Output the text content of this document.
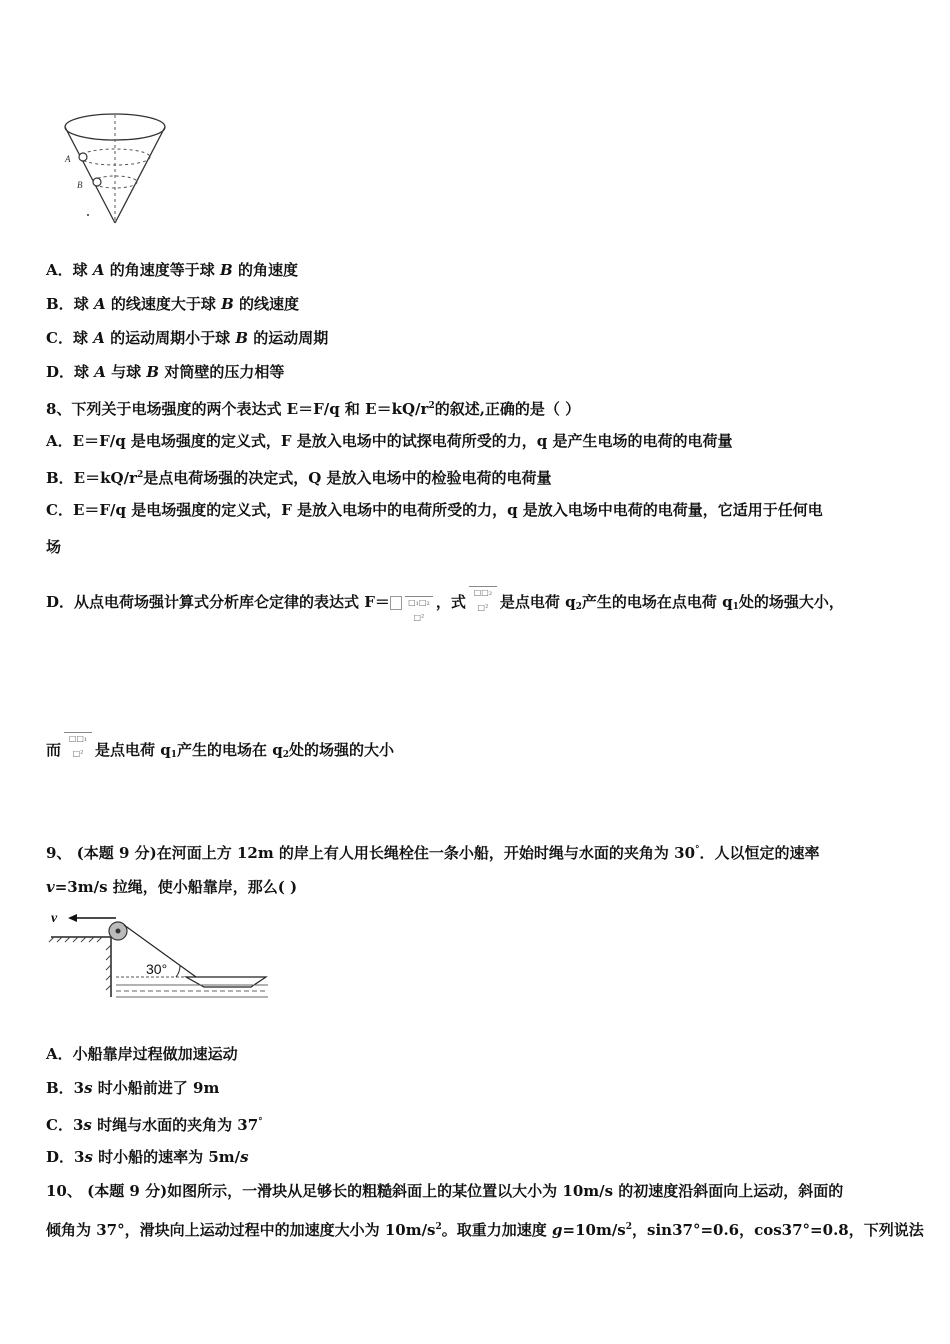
A
B
A．球 A 的角速度等于球 B 的角速度
B．球 A 的线速度大于球 B 的线速度
C．球 A 的运动周期小于球 B 的运动周期
D．球 A 与球 B 对筒壁的压力相等
8、下列关于电场强度的两个表达式 E＝F/q 和 $E=kQ/r^2$的叙述,正确的是（ ）
A．E＝F/q 是电场强度的定义式，F 是放入电场中的试探电荷所受的力，q 是产生电场的电荷的电荷量
B．$E=kQ/r^2$是点电荷场强的决定式，Q 是放入电场中的检验电荷的电荷量
C．E＝F/q 是电场强度的定义式，F 是放入电场中的电荷所受的力，q 是放入电场中电荷的电荷量，它适用于任何电
场
D．从点电荷场强计算式分析库仑定律的表达式 F＝	□₁□₂
□²
，式
□□₂
□² 是点电荷 $q_2$产生的电场在点电荷 $q_1$处的场强大小，
而
□□₁
□² 是点电荷 $q_1$产生的电场在 $q_2$处的场强的大小
9、 (本题 9 分)在河面上方 12m 的岸上有人用长绳栓住一条小船，开始时绳与水面的夹角为 30°．人以恒定的速率
v=3m/s 拉绳，使小船靠岸，那么( )
v
30°
A．小船靠岸过程做加速运动
B．3s 时小船前进了 9m
C．3s 时绳与水面的夹角为 37°
D．3s 时小船的速率为 5m/s
10、 (本题 9 分)如图所示，一滑块从足够长的粗糙斜面上的某位置以大小为 10m/s 的初速度沿斜面向上运动，斜面的
倾角为 37°，滑块向上运动过程中的加速度大小为 $10m/s^2$。取重力加速度 $g=10m/s^2$，sin37°=0.6，cos37°=0.8，下列说法
